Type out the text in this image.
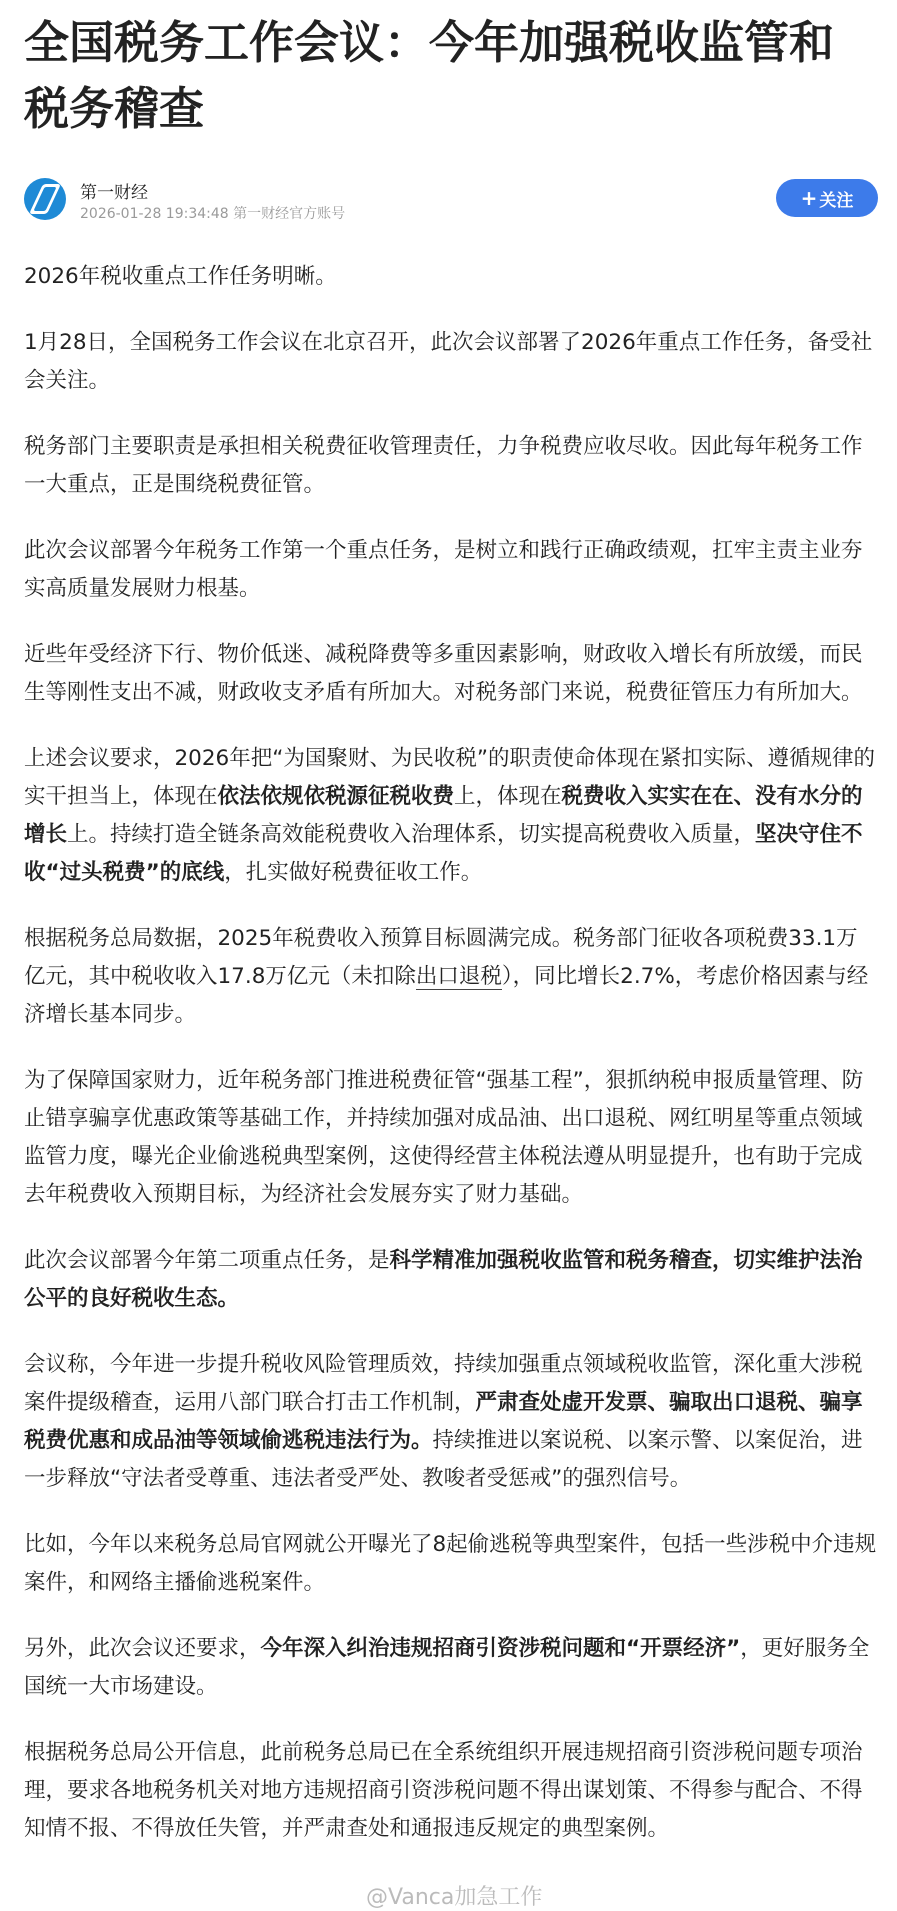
全国税务工作会议：今年加强税收监管和税务稽查
第一财经
2026-01-28 19:34:48 第一财经官方账号
+ 关注

2026年税收重点工作任务明晰。

1月28日，全国税务工作会议在北京召开，此次会议部署了2026年重点工作任务，备受社会关注。

税务部门主要职责是承担相关税费征收管理责任，力争税费应收尽收。因此每年税务工作一大重点，正是围绕税费征管。

此次会议部署今年税务工作第一个重点任务，是树立和践行正确政绩观，扛牢主责主业夯实高质量发展财力根基。

近些年受经济下行、物价低迷、减税降费等多重因素影响，财政收入增长有所放缓，而民生等刚性支出不减，财政收支矛盾有所加大。对税务部门来说，税费征管压力有所加大。

上述会议要求，2026年把“为国聚财、为民收税”的职责使命体现在紧扣实际、遵循规律的实干担当上，体现在依法依规依税源征税收费上，体现在税费收入实实在在、没有水分的增长上。持续打造全链条高效能税费收入治理体系，切实提高税费收入质量，坚决守住不收“过头税费”的底线，扎实做好税费征收工作。

根据税务总局数据，2025年税费收入预算目标圆满完成。税务部门征收各项税费33.1万亿元，其中税收收入17.8万亿元（未扣除出口退税），同比增长2.7%，考虑价格因素与经济增长基本同步。

为了保障国家财力，近年税务部门推进税费征管“强基工程”，狠抓纳税申报质量管理、防止错享骗享优惠政策等基础工作，并持续加强对成品油、出口退税、网红明星等重点领域监管力度，曝光企业偷逃税典型案例，这使得经营主体税法遵从明显提升，也有助于完成去年税费收入预期目标，为经济社会发展夯实了财力基础。

此次会议部署今年第二项重点任务，是科学精准加强税收监管和税务稽查，切实维护法治公平的良好税收生态。

会议称，今年进一步提升税收风险管理质效，持续加强重点领域税收监管，深化重大涉税案件提级稽查，运用八部门联合打击工作机制，严肃查处虚开发票、骗取出口退税、骗享税费优惠和成品油等领域偷逃税违法行为。持续推进以案说税、以案示警、以案促治，进一步释放“守法者受尊重、违法者受严处、教唆者受惩戒”的强烈信号。

比如，今年以来税务总局官网就公开曝光了8起偷逃税等典型案件，包括一些涉税中介违规案件，和网络主播偷逃税案件。

另外，此次会议还要求，今年深入纠治违规招商引资涉税问题和“开票经济”，更好服务全国统一大市场建设。

根据税务总局公开信息，此前税务总局已在全系统组织开展违规招商引资涉税问题专项治理，要求各地税务机关对地方违规招商引资涉税问题不得出谋划策、不得参与配合、不得知情不报、不得放任失管，并严肃查处和通报违反规定的典型案例。

@Vanca加急工作
